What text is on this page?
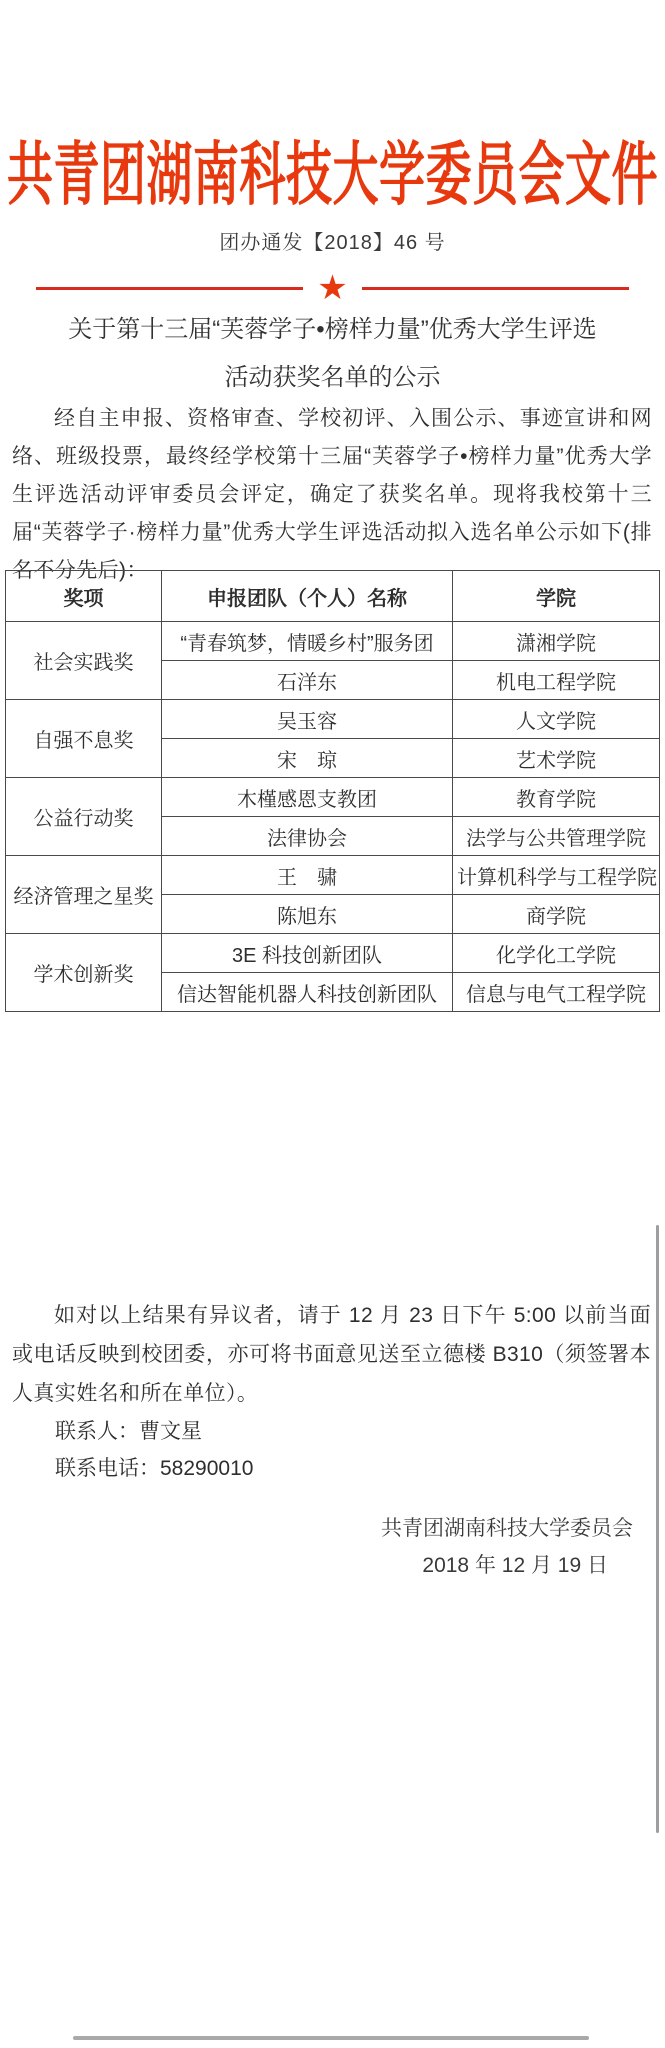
共青团湖南科技大学委员会文件
团办通发【2018】46 号
★
关于第十三届“芙蓉学子•榜样力量”优秀大学生评选
活动获奖名单的公示

经自主申报、资格审查、学校初评、入围公示、事迹宣讲和网络、班级投票，最终经学校第十三届“芙蓉学子•榜样力量”优秀大学生评选活动评审委员会评定，确定了获奖名单。现将我校第十三届“芙蓉学子·榜样力量”优秀大学生评选活动拟入选名单公示如下(排名不分先后)：

奖项	申报团队（个人）名称	学院
社会实践奖	“青春筑梦，情暖乡村”服务团	潇湘学院
	石洋东	机电工程学院
自强不息奖	吴玉容	人文学院
	宋　琼	艺术学院
公益行动奖	木槿感恩支教团	教育学院
	法律协会	法学与公共管理学院
经济管理之星奖	王　骕	计算机科学与工程学院
	陈旭东	商学院
学术创新奖	3E 科技创新团队	化学化工学院
	信达智能机器人科技创新团队	信息与电气工程学院

如对以上结果有异议者，请于 12 月 23 日下午 5:00 以前当面或电话反映到校团委，亦可将书面意见送至立德楼 B310（须签署本人真实姓名和所在单位）。

联系人：曹文星
联系电话：58290010
共青团湖南科技大学委员会
2018 年 12 月 19 日
